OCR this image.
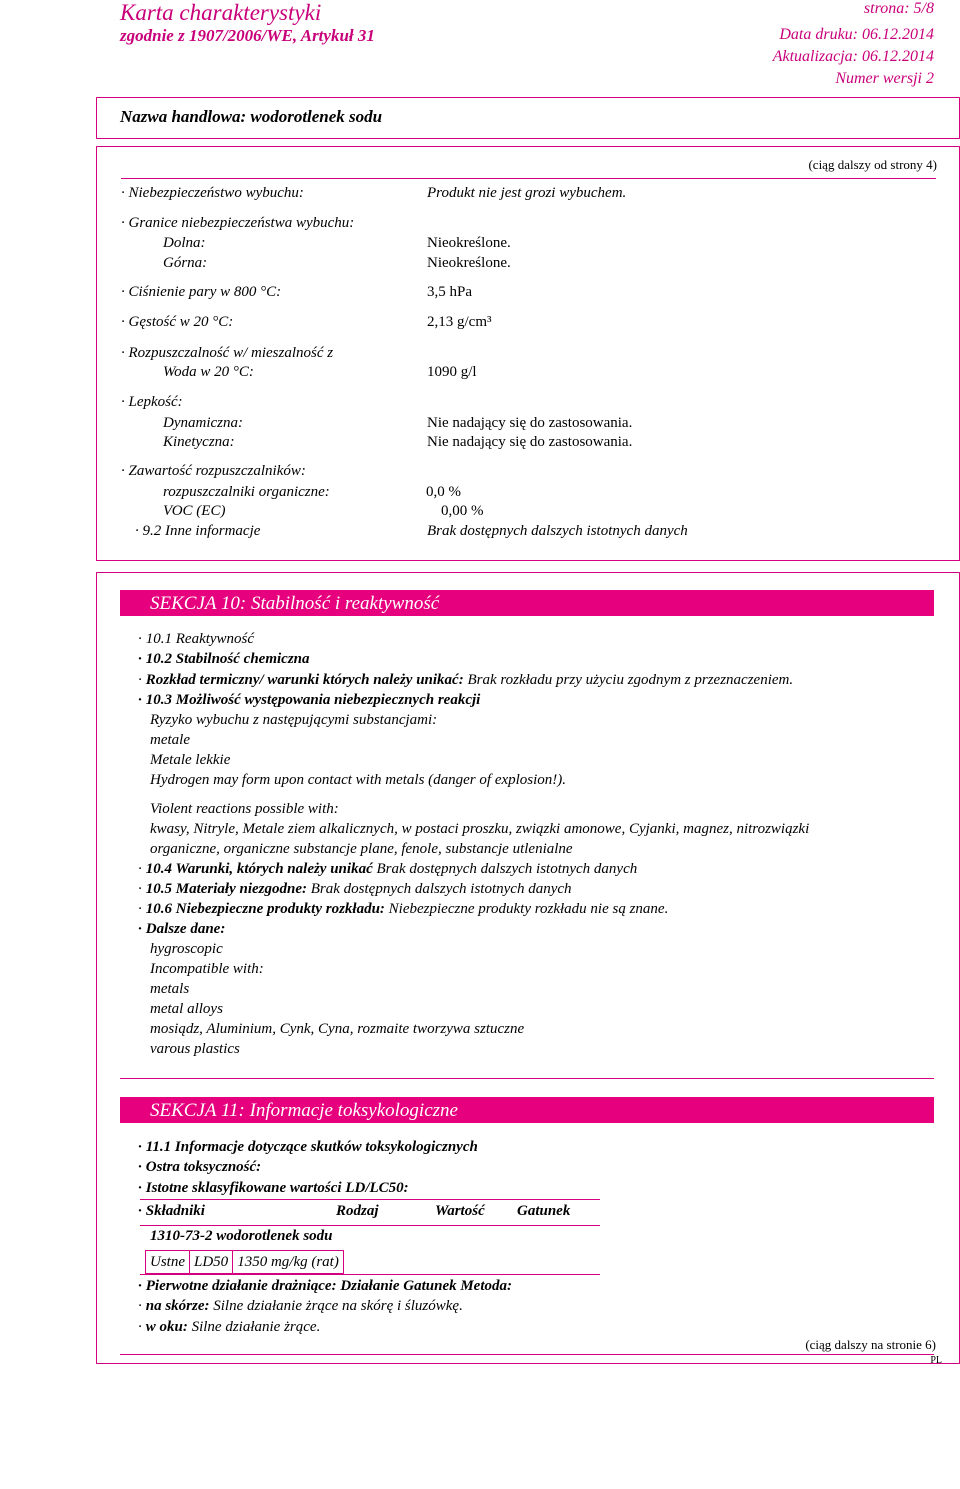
Karta charakterystyki
zgodnie z 1907/2006/WE, Artykuł 31
strona: 5/8
Data druku: 06.12.2014
Aktualizacja: 06.12.2014
Numer wersji 2
Nazwa handlowa: wodorotlenek sodu
(ciąg dalszy od strony 4)
· Niebezpieczeństwo wybuchu:	Produkt nie jest grozi wybuchem.
· Granice niebezpieczeństwa wybuchu:
Dolna:	Nieokreślone.
Górna:	Nieokreślone.
· Ciśnienie pary w 800 °C:	3,5 hPa
· Gęstość w 20 °C:	2,13 g/cm³
· Rozpuszczalność w/ mieszalność z
Woda w 20 °C:	1090 g/l
· Lepkość:
Dynamiczna:	Nie nadający się do zastosowania.
Kinetyczna:	Nie nadający się do zastosowania.
· Zawartość rozpuszczalników:
rozpuszczalniki organiczne:	0,0 %
VOC (EC)	0,00 %
· 9.2 Inne informacje	Brak dostępnych dalszych istotnych danych
SEKCJA 10: Stabilność i reaktywność
· 10.1 Reaktywność
· 10.2 Stabilność chemiczna
· Rozkład termiczny/ warunki których należy unikać: Brak rozkładu przy użyciu zgodnym z przeznaczeniem.
· 10.3 Możliwość występowania niebezpiecznych reakcji
Ryzyko wybuchu z następującymi substancjami:
metale
Metale lekkie
Hydrogen may form upon contact with metals (danger of explosion!).
Violent reactions possible with:
kwasy, Nitryle, Metale ziem alkalicznych, w postaci proszku, związki amonowe, Cyjanki, magnez, nitrozwiązki
organiczne, organiczne substancje plane, fenole, substancje utlenialne
· 10.4 Warunki, których należy unikać Brak dostępnych dalszych istotnych danych
· 10.5 Materiały niezgodne: Brak dostępnych dalszych istotnych danych
· 10.6 Niebezpieczne produkty rozkładu: Niebezpieczne produkty rozkładu nie są znane.
· Dalsze dane:
hygroscopic
Incompatible with:
metals
metal alloys
mosiądz, Aluminium, Cynk, Cyna, rozmaite tworzywa sztuczne
varous plastics
SEKCJA 11: Informacje toksykologiczne
· 11.1 Informacje dotyczące skutków toksykologicznych
· Ostra toksyczność:
· Istotne sklasyfikowane wartości LD/LC50:
· Składniki	Rodzaj	Wartość Gatunek
1310-73-2 wodorotlenek sodu
Ustne	LD50	1350 mg/kg (rat)
· Pierwotne działanie drażniące: Działanie Gatunek Metoda:
· na skórze: Silne działanie żrące na skórę i śluzówkę.
· w oku: Silne działanie żrące.
(ciąg dalszy na stronie 6)
PL
